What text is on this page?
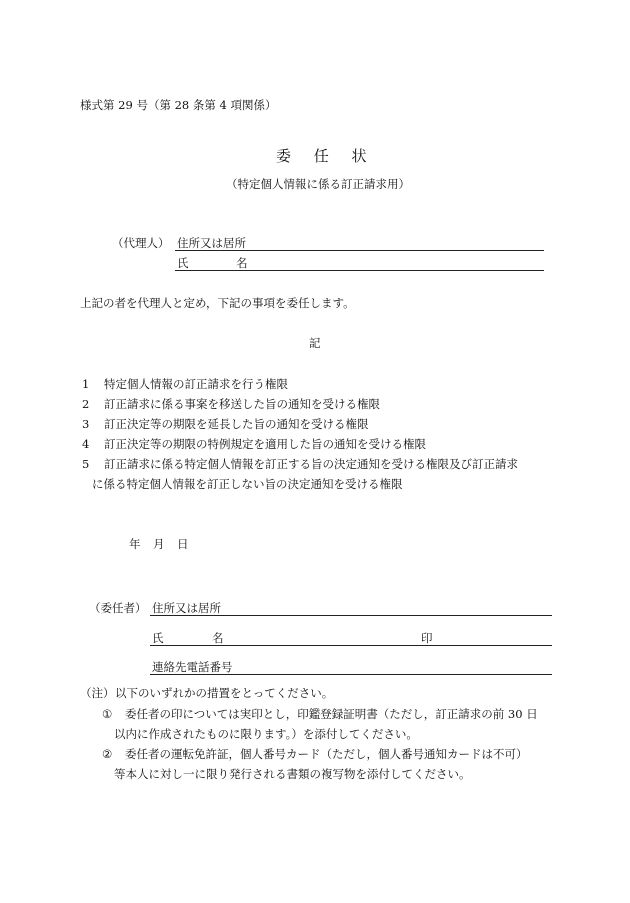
様式第 29 号（第 28 条第 4 項関係）
委 任 状
（特定個人情報に係る訂正請求用）
（代理人） 住所又は居所
氏	名
上記の者を代理人と定め，下記の事項を委任します。
記
1 特定個人情報の訂正請求を行う権限
2 訂正請求に係る事案を移送した旨の通知を受ける権限
3 訂正決定等の期限を延長した旨の通知を受ける権限
4 訂正決定等の期限の特例規定を適用した旨の通知を受ける権限
5 訂正請求に係る特定個人情報を訂正する旨の決定通知を受ける権限及び訂正請求
に係る特定個人情報を訂正しない旨の決定通知を受ける権限
年 月 日
（委任者） 住所又は居所
氏	名	印
連絡先電話番号
（注） 以下のいずれかの措置をとってください。
① 委任者の印については実印とし，印鑑登録証明書（ただし，訂正請求の前 30 日
以内に作成されたものに限ります。）を添付してください。
② 委任者の運転免許証，個人番号カード（ただし，個人番号通知カードは不可）
等本人に対し一に限り発行される書類の複写物を添付してください。
